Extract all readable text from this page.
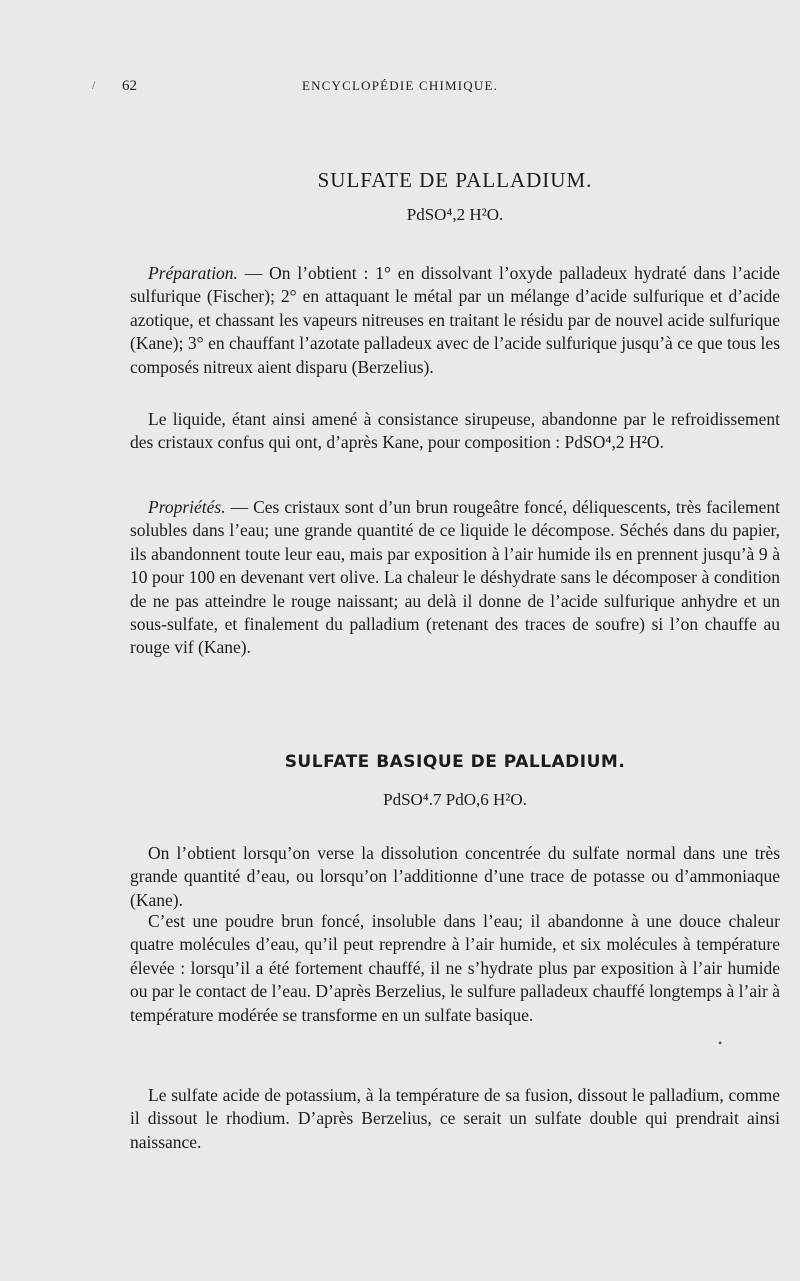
/ 62	ENCYCLOPÉDIE CHIMIQUE.
SULFATE DE PALLADIUM.
PdSO⁴,2 H²O.

Préparation. — On l’obtient : 1° en dissolvant l’oxyde palladeux hydraté dans l’acide sulfurique (Fischer); 2° en attaquant le métal par un mélange d’acide sulfurique et d’acide azotique, et chassant les vapeurs nitreuses en traitant le résidu par de nouvel acide sulfurique (Kane); 3° en chauffant l’azotate palladeux avec de l’acide sulfurique jusqu’à ce que tous les composés nitreux aient disparu (Berzelius).

Le liquide, étant ainsi amené à consistance sirupeuse, abandonne par le refroidissement des cristaux confus qui ont, d’après Kane, pour composition : PdSO⁴,2 H²O.

Propriétés. — Ces cristaux sont d’un brun rougeâtre foncé, déliquescents, très facilement solubles dans l’eau; une grande quantité de ce liquide le décompose. Séchés dans du papier, ils abandonnent toute leur eau, mais par exposition à l’air humide ils en prennent jusqu’à 9 à 10 pour 100 en devenant vert olive. La chaleur le déshydrate sans le décomposer à condition de ne pas atteindre le rouge naissant; au delà il donne de l’acide sulfurique anhydre et un sous-sulfate, et finalement du palladium (retenant des traces de soufre) si l’on chauffe au rouge vif (Kane).

SULFATE BASIQUE DE PALLADIUM.
PdSO⁴.7 PdO,6 H²O.

On l’obtient lorsqu’on verse la dissolution concentrée du sulfate normal dans une très grande quantité d’eau, ou lorsqu’on l’additionne d’une trace de potasse ou d’ammoniaque (Kane).

C’est une poudre brun foncé, insoluble dans l’eau; il abandonne à une douce chaleur quatre molécules d’eau, qu’il peut reprendre à l’air humide, et six molécules à température élevée : lorsqu’il a été fortement chauffé, il ne s’hydrate plus par exposition à l’air humide ou par le contact de l’eau. D’après Berzelius, le sulfure palladeux chauffé longtemps à l’air à température modérée se transforme en un sulfate basique.

•

Le sulfate acide de potassium, à la température de sa fusion, dissout le palladium, comme il dissout le rhodium. D’après Berzelius, ce serait un sulfate double qui prendrait ainsi naissance.
